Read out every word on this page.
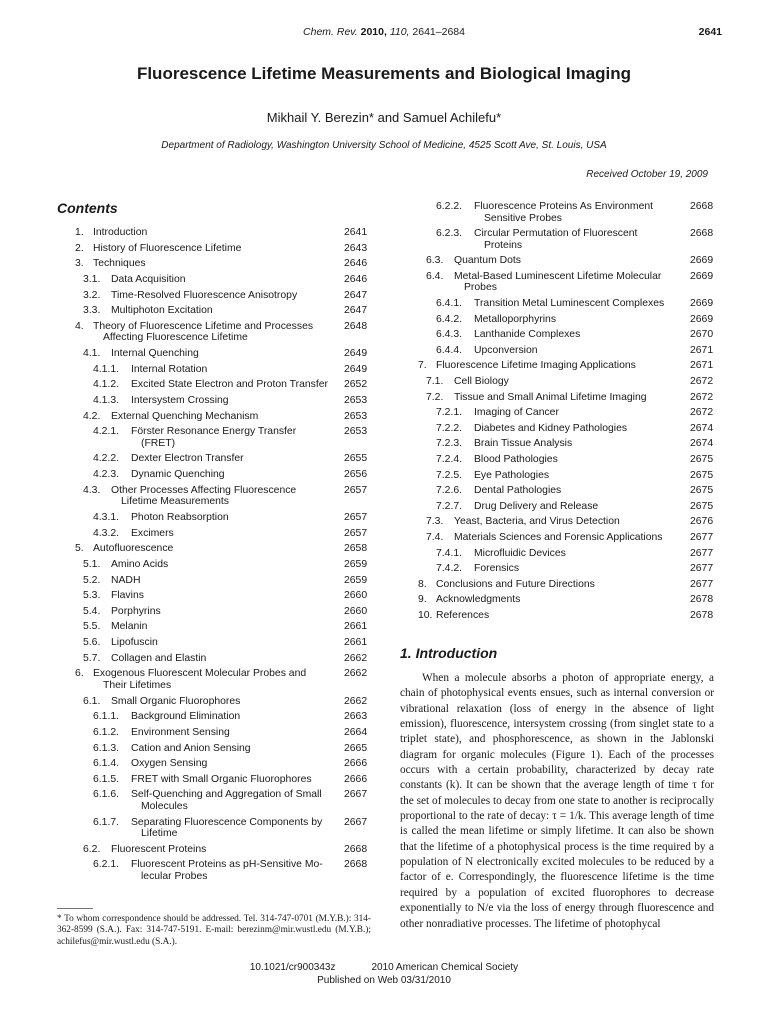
Chem. Rev. 2010, 110, 2641–2684	2641
Fluorescence Lifetime Measurements and Biological Imaging
Mikhail Y. Berezin* and Samuel Achilefu*
Department of Radiology, Washington University School of Medicine, 4525 Scott Ave, St. Louis, USA
Received October 19, 2009
Contents
1. Introduction	2641
2. History of Fluorescence Lifetime	2643
3. Techniques	2646
3.1. Data Acquisition	2646
3.2. Time-Resolved Fluorescence Anisotropy	2647
3.3. Multiphoton Excitation	2647
4. Theory of Fluorescence Lifetime and Processes
Affecting Fluorescence Lifetime
2648
4.1. Internal Quenching	2649
4.1.1. Internal Rotation	2649
4.1.2. Excited State Electron and Proton Transfer	2652
4.1.3. Intersystem Crossing	2653
4.2. External Quenching Mechanism	2653
4.2.1. Förster Resonance Energy Transfer
(FRET)
2653
4.2.2. Dexter Electron Transfer	2655
4.2.3. Dynamic Quenching	2656
4.3. Other Processes Affecting Fluorescence
Lifetime Measurements
2657
4.3.1. Photon Reabsorption	2657
4.3.2. Excimers	2657
5. Autofluorescence	2658
5.1. Amino Acids	2659
5.2. NADH	2659
5.3. Flavins	2660
5.4. Porphyrins	2660
5.5. Melanin	2661
5.6. Lipofuscin	2661
5.7. Collagen and Elastin	2662
6. Exogenous Fluorescent Molecular Probes and
Their Lifetimes
2662
6.1. Small Organic Fluorophores	2662
6.1.1. Background Elimination	2663
6.1.2. Environment Sensing	2664
6.1.3. Cation and Anion Sensing	2665
6.1.4. Oxygen Sensing	2666
6.1.5. FRET with Small Organic Fluorophores	2666
6.1.6. Self-Quenching and Aggregation of Small
Molecules
2667
6.1.7. Separating Fluorescence Components by
Lifetime
2667
6.2. Fluorescent Proteins	2668
6.2.1. Fluorescent Proteins as pH-Sensitive Mo-
lecular Probes
2668
6.2.2. Fluorescence Proteins As Environment
Sensitive Probes
2668
6.2.3. Circular Permutation of Fluorescent
Proteins
2668
6.3. Quantum Dots	2669
6.4. Metal-Based Luminescent Lifetime Molecular
Probes
2669
6.4.1. Transition Metal Luminescent Complexes	2669
6.4.2. Metalloporphyrins	2669
6.4.3. Lanthanide Complexes	2670
6.4.4. Upconversion	2671
7. Fluorescence Lifetime Imaging Applications	2671
7.1. Cell Biology	2672
7.2. Tissue and Small Animal Lifetime Imaging	2672
7.2.1. Imaging of Cancer	2672
7.2.2. Diabetes and Kidney Pathologies	2674
7.2.3. Brain Tissue Analysis	2674
7.2.4. Blood Pathologies	2675
7.2.5. Eye Pathologies	2675
7.2.6. Dental Pathologies	2675
7.2.7. Drug Delivery and Release	2675
7.3. Yeast, Bacteria, and Virus Detection	2676
7.4. Materials Sciences and Forensic Applications	2677
7.4.1. Microfluidic Devices	2677
7.4.2. Forensics	2677
8. Conclusions and Future Directions	2677
9. Acknowledgments	2678
10. References	2678
1. Introduction

When a molecule absorbs a photon of appropriate energy, a chain of photophysical events ensues, such as internal conversion or vibrational relaxation (loss of energy in the absence of light emission), fluorescence, intersystem crossing (from singlet state to a triplet state), and phosphorescence, as shown in the Jablonski diagram for organic molecules (Figure 1). Each of the processes occurs with a certain probability, characterized by decay rate constants (k). It can be shown that the average length of time τ for the set of molecules to decay from one state to another is reciprocally proportional to the rate of decay: τ = 1/k. This average length of time is called the mean lifetime or simply lifetime. It can also be shown that the lifetime of a photophysical process is the time required by a population of N electronically excited molecules to be reduced by a factor of e. Correspondingly, the fluorescence lifetime is the time required by a population of excited fluorophores to decrease exponentially to N/e via the loss of energy through fluorescence and other nonradiative processes. The lifetime of photophycal

* To whom correspondence should be addressed. Tel. 314-747-0701 (M.Y.B.): 314-362-8599 (S.A.). Fax: 314-747-5191. E-mail: berezinm@mir.wustl.edu (M.Y.B.); achilefus@mir.wustl.edu (S.A.).
10.1021/cr900343z	2010 American Chemical Society
Published on Web 03/31/2010
